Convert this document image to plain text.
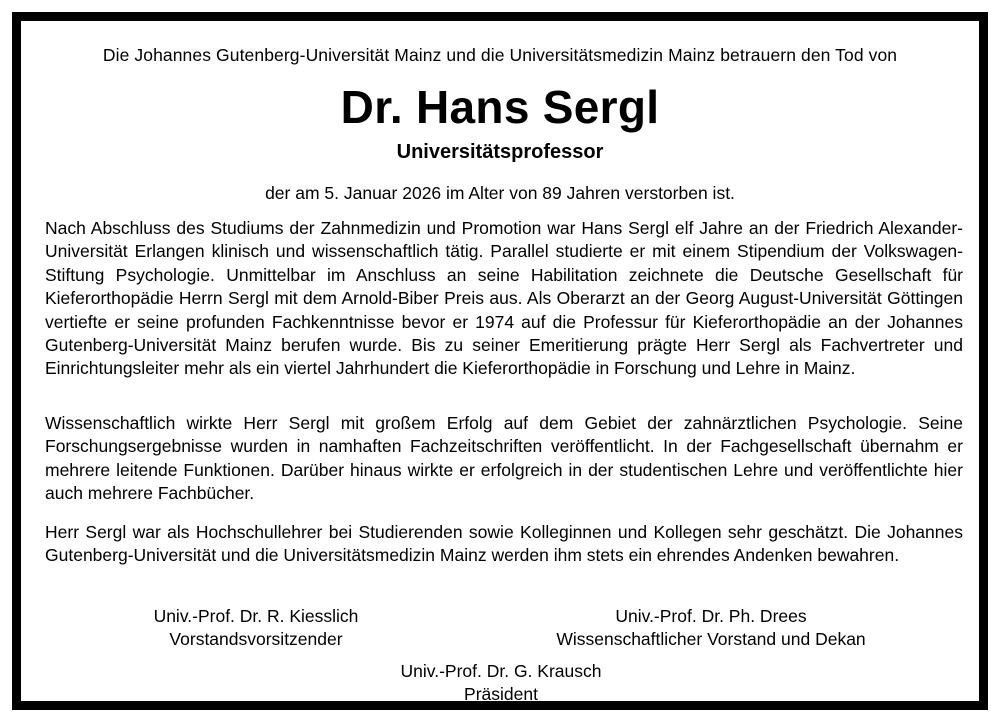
Die Johannes Gutenberg-Universität Mainz und die Universitätsmedizin Mainz betrauern den Tod von
Dr. Hans Sergl
Universitätsprofessor
der am 5. Januar 2026 im Alter von 89 Jahren verstorben ist.
Nach Abschluss des Studiums der Zahnmedizin und Promotion war Hans Sergl elf Jahre an der Friedrich Alexander-Universität Erlangen klinisch und wissenschaftlich tätig. Parallel studierte er mit einem Stipendium der Volkswagen-Stiftung Psychologie. Unmittelbar im Anschluss an seine Habilitation zeichnete die Deutsche Gesellschaft für Kieferorthopädie Herrn Sergl mit dem Arnold-Biber Preis aus. Als Oberarzt an der Georg August-Universität Göttingen vertiefte er seine profunden Fachkenntnisse bevor er 1974 auf die Professur für Kieferorthopädie an der Johannes Gutenberg-Universität Mainz berufen wurde. Bis zu seiner Emeritierung prägte Herr Sergl als Fachvertreter und Einrichtungsleiter mehr als ein viertel Jahrhundert die Kieferorthopädie in Forschung und Lehre in Mainz.
Wissenschaftlich wirkte Herr Sergl mit großem Erfolg auf dem Gebiet der zahnärztlichen Psychologie. Seine Forschungsergebnisse wurden in namhaften Fachzeitschriften veröffentlicht. In der Fachgesellschaft übernahm er mehrere leitende Funktionen. Darüber hinaus wirkte er erfolgreich in der studentischen Lehre und veröffentlichte hier auch mehrere Fachbücher.
Herr Sergl war als Hochschullehrer bei Studierenden sowie Kolleginnen und Kollegen sehr geschätzt. Die Johannes Gutenberg-Universität und die Universitätsmedizin Mainz werden ihm stets ein ehrendes Andenken bewahren.
Univ.-Prof. Dr. R. Kiesslich
Vorstandsvorsitzender
Univ.-Prof. Dr. Ph. Drees
Wissenschaftlicher Vorstand und Dekan
Univ.-Prof. Dr. G. Krausch
Präsident
